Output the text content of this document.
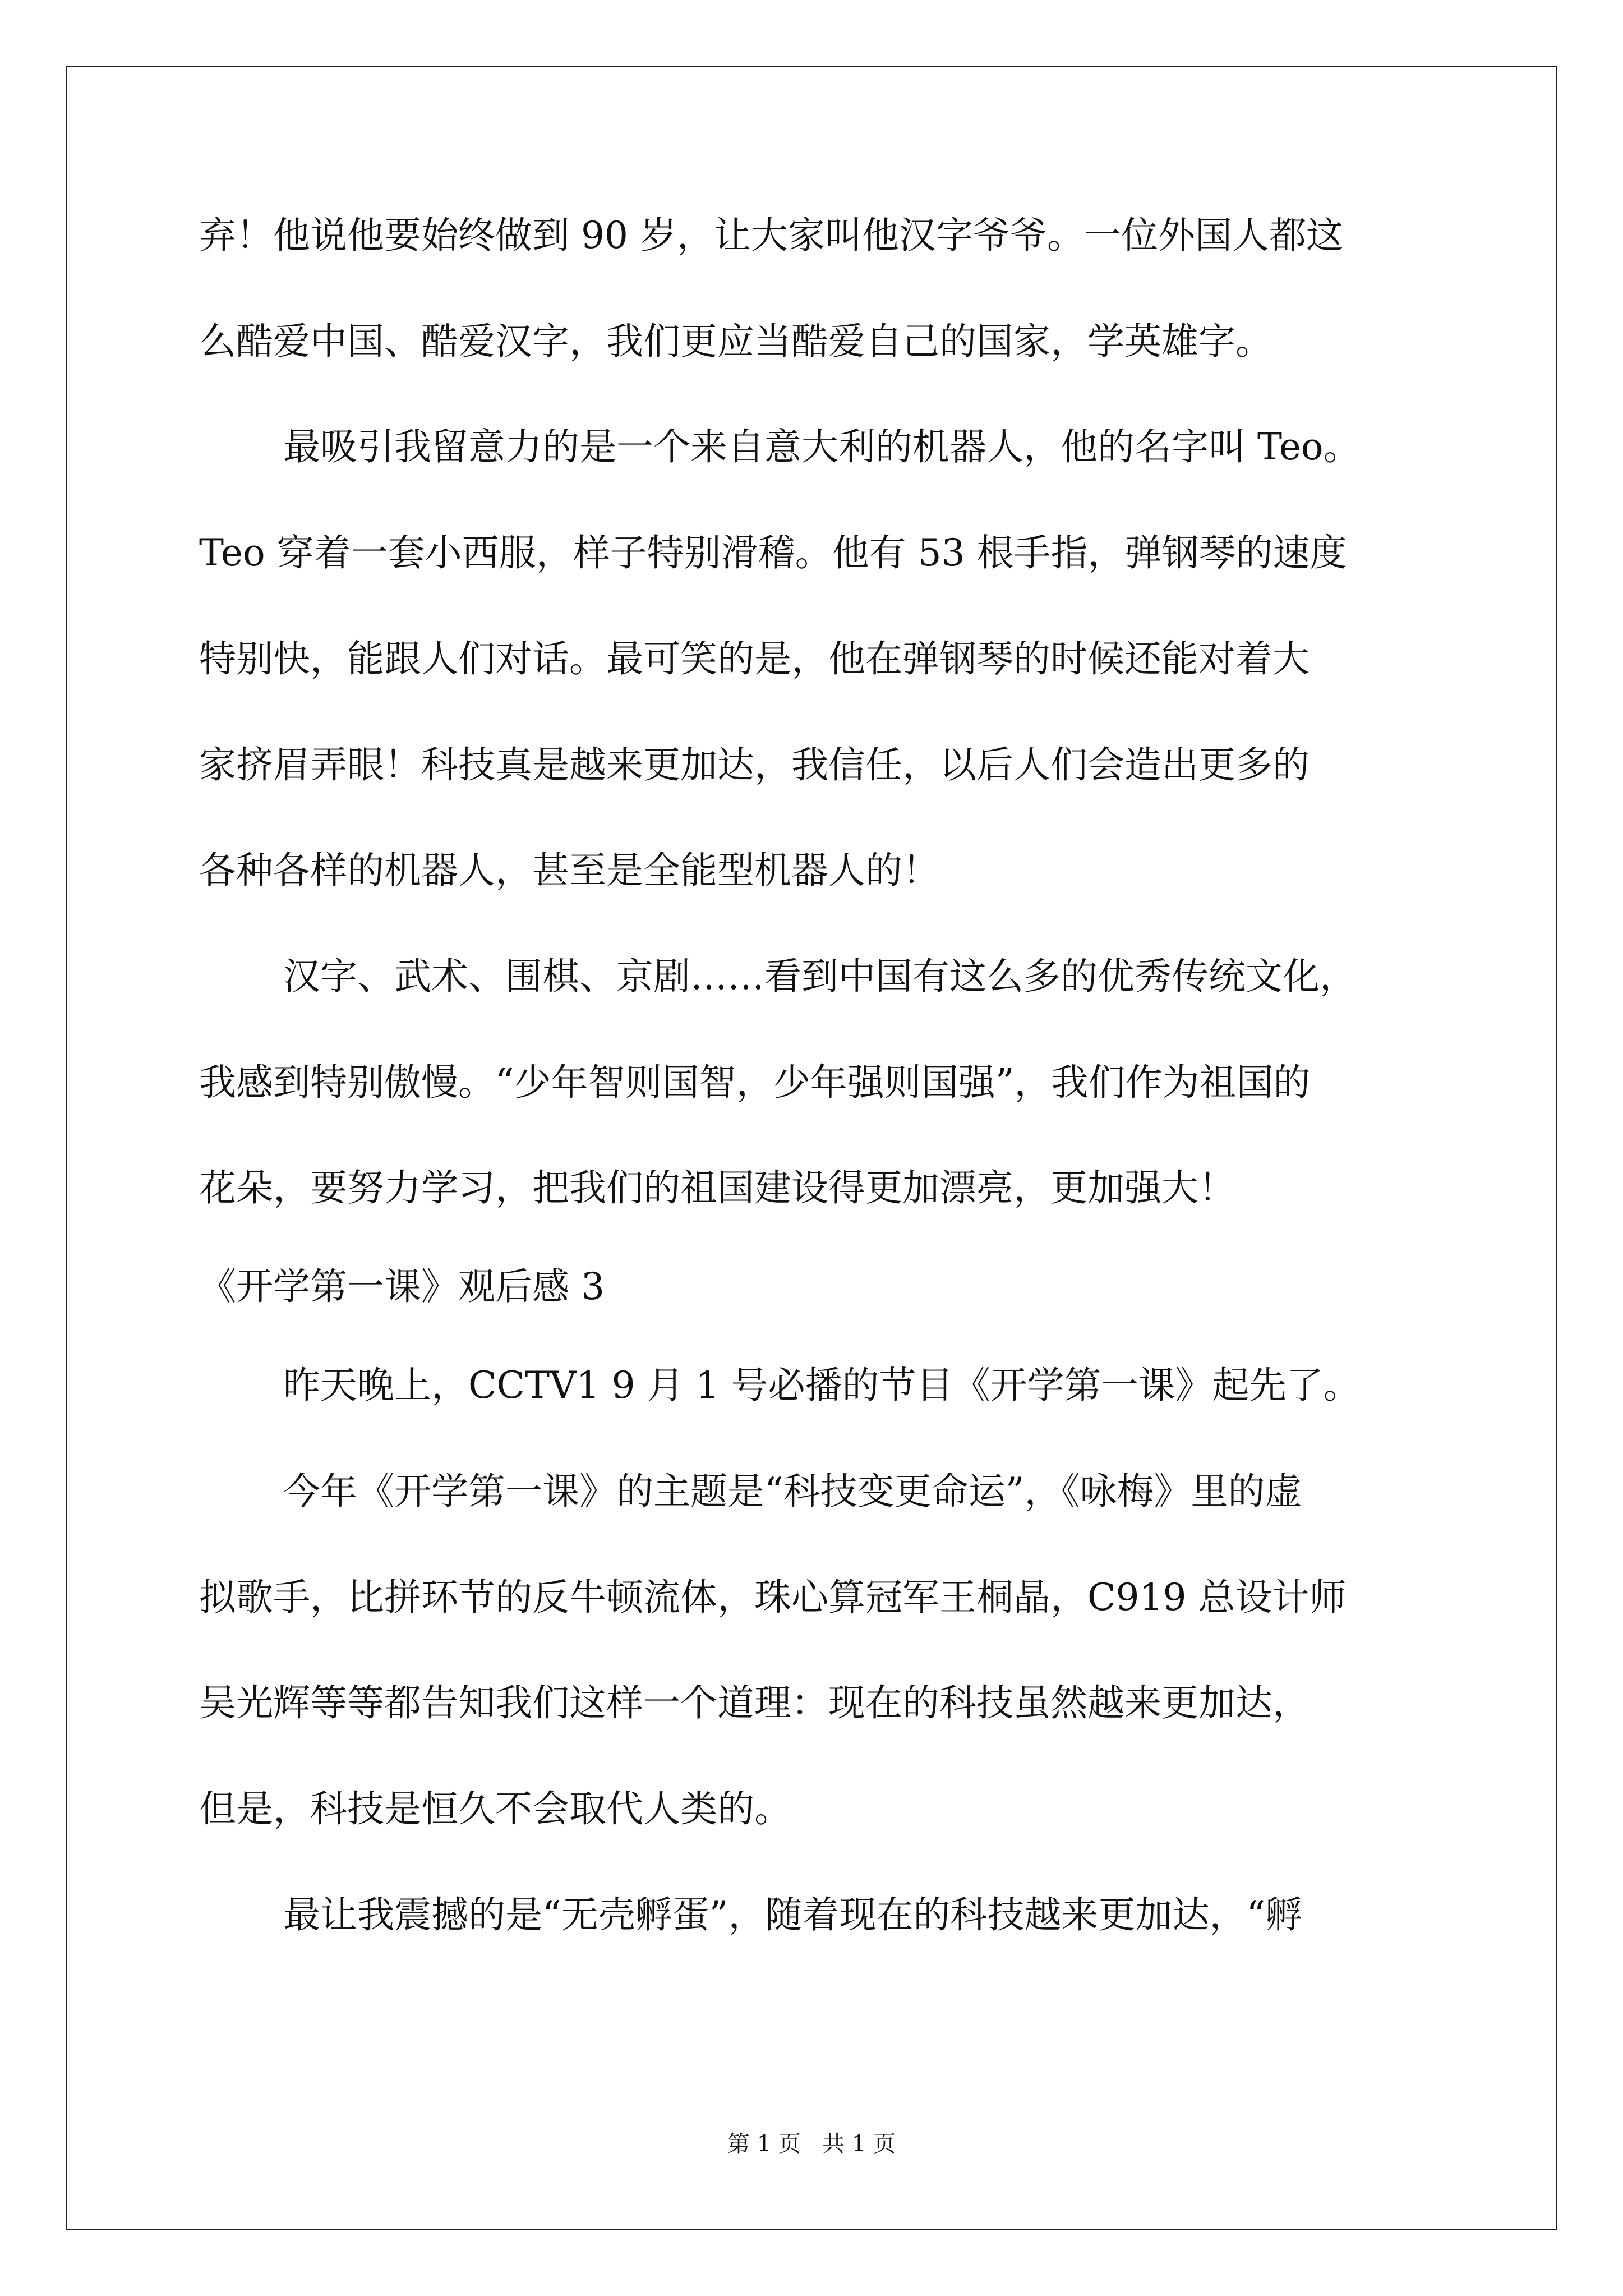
弃！他说他要始终做到 90 岁，让大家叫他汉字爷爷。一位外国人都这
么酷爱中国、酷爱汉字，我们更应当酷爱自己的国家，学英雄字。
最吸引我留意力的是一个来自意大利的机器人，他的名字叫 Teo。
Teo 穿着一套小西服，样子特别滑稽。他有 53 根手指，弹钢琴的速度
特别快，能跟人们对话。最可笑的是，他在弹钢琴的时候还能对着大
家挤眉弄眼！科技真是越来更加达，我信任，以后人们会造出更多的
各种各样的机器人，甚至是全能型机器人的！
汉字、武术、围棋、京剧……看到中国有这么多的优秀传统文化，
我感到特别傲慢。“少年智则国智，少年强则国强”，我们作为祖国的
花朵，要努力学习，把我们的祖国建设得更加漂亮，更加强大！
《开学第一课》观后感 3
昨天晚上，CCTV1 9 月 1 号必播的节目《开学第一课》起先了。
今年《开学第一课》的主题是“科技变更命运”，《咏梅》里的虚
拟歌手，比拼环节的反牛顿流体，珠心算冠军王桐晶，C919 总设计师
吴光辉等等都告知我们这样一个道理：现在的科技虽然越来更加达，
但是，科技是恒久不会取代人类的。
最让我震撼的是“无壳孵蛋”，随着现在的科技越来更加达，“孵
第 1 页   共 1 页
